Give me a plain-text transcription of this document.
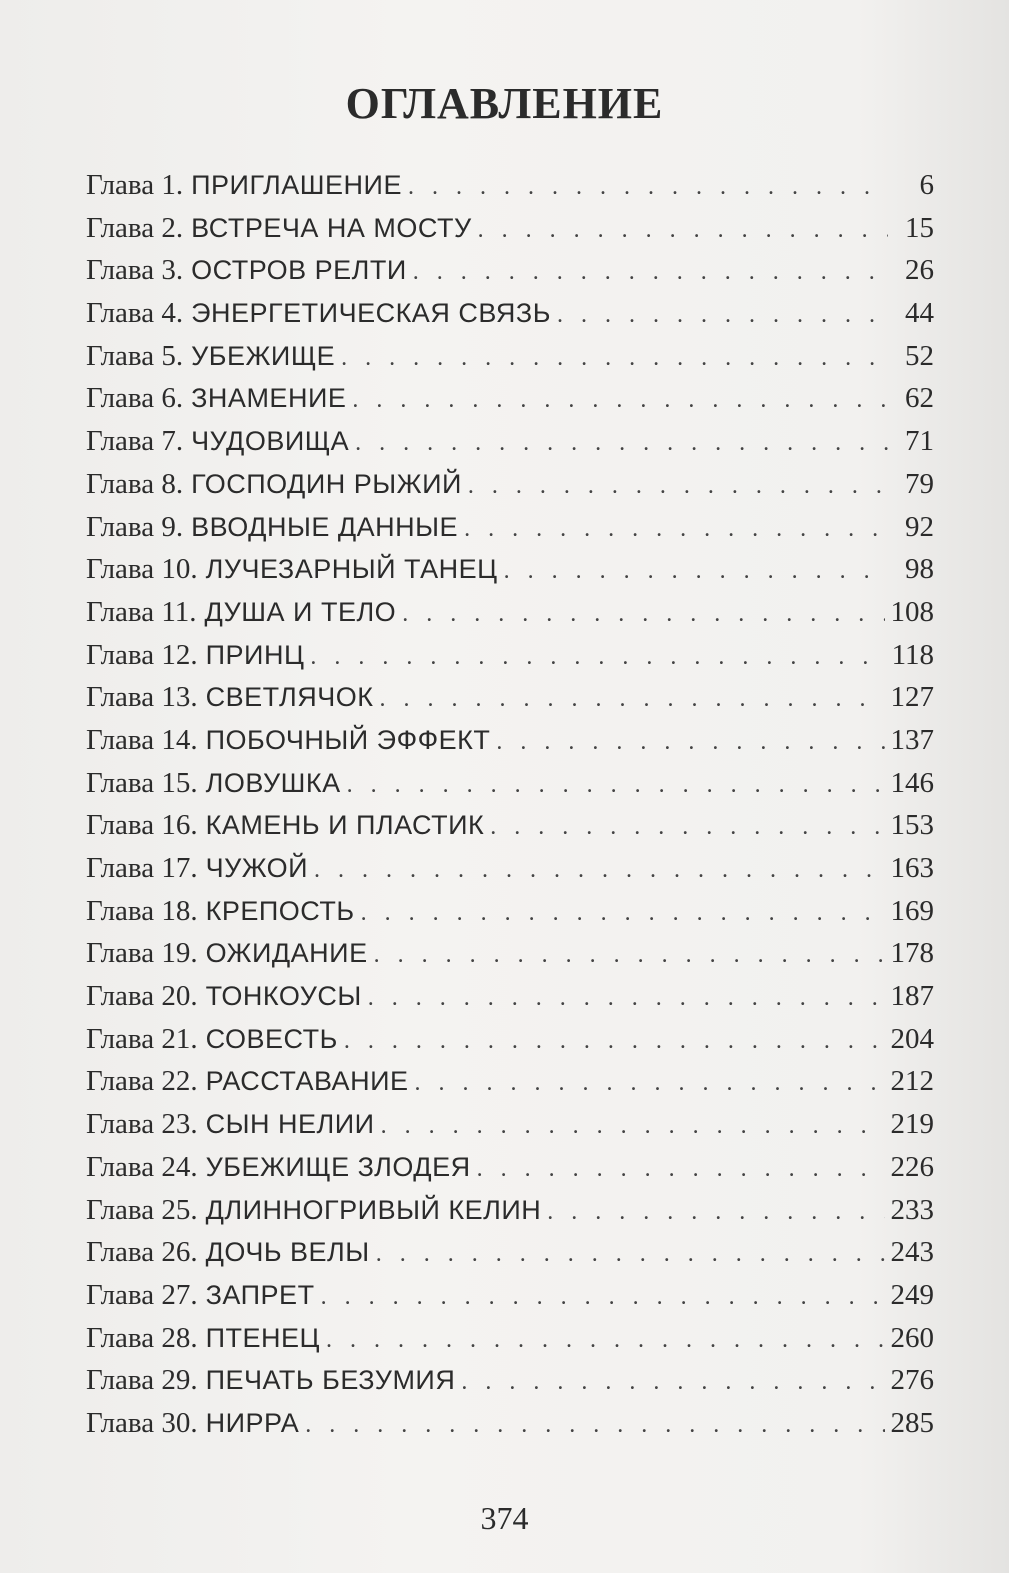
ОГЛАВЛЕНИЕ
Глава 1. ПРИГЛАШЕНИЕ . . .	6
Глава 2. ВСТРЕЧА НА МОСТУ . . .	15
Глава 3. ОСТРОВ РЕЛТИ . . .	26
Глава 4. ЭНЕРГЕТИЧЕСКАЯ СВЯЗЬ . . .	44
Глава 5. УБЕЖИЩЕ . . .	52
Глава 6. ЗНАМЕНИЕ . . .	62
Глава 7. ЧУДОВИЩА . . .	71
Глава 8. ГОСПОДИН РЫЖИЙ . . .	79
Глава 9. ВВОДНЫЕ ДАННЫЕ . . .	92
Глава 10. ЛУЧЕЗАРНЫЙ ТАНЕЦ . . .	98
Глава 11. ДУША И ТЕЛО . . .	108
Глава 12. ПРИНЦ . . .	118
Глава 13. СВЕТЛЯЧОК . . .	127
Глава 14. ПОБОЧНЫЙ ЭФФЕКТ . . .	137
Глава 15. ЛОВУШКА . . .	146
Глава 16. КАМЕНЬ И ПЛАСТИК . . .	153
Глава 17. ЧУЖОЙ . . .	163
Глава 18. КРЕПОСТЬ . . .	169
Глава 19. ОЖИДАНИЕ . . .	178
Глава 20. ТОНКОУСЫ . . .	187
Глава 21. СОВЕСТЬ . . .	204
Глава 22. РАССТАВАНИЕ . . .	212
Глава 23. СЫН НЕЛИИ . . .	219
Глава 24. УБЕЖИЩЕ ЗЛОДЕЯ . . .	226
Глава 25. ДЛИННОГРИВЫЙ КЕЛИН . . .	233
Глава 26. ДОЧЬ ВЕЛЫ . . .	243
Глава 27. ЗАПРЕТ . . .	249
Глава 28. ПТЕНЕЦ . . .	260
Глава 29. ПЕЧАТЬ БЕЗУМИЯ . . .	276
Глава 30. НИРРА . . .	285
374
